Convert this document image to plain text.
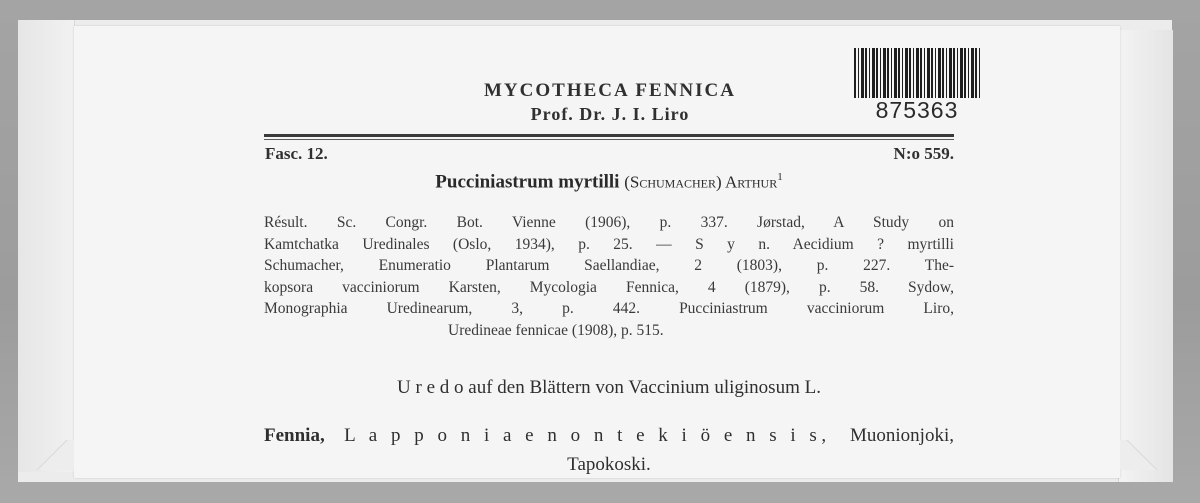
MYCOTHECA FENNICA
Prof. Dr. J. I. Liro	875363
Fasc. 12.	N:o 559.
Pucciniastrum myrtilli (Schumacher) Arthur$^1$
Résult. Sc. Congr. Bot. Vienne (1906), p. 337. Jørstad, A Study on
Kamtchatka Uredinales (Oslo, 1934), p. 25. — S y n. Aecidium ? myrtilli
Schumacher, Enumeratio Plantarum Saellandiae, 2 (1803), p. 227. The-
kopsora vacciniorum Karsten, Mycologia Fennica, 4 (1879), p. 58. Sydow,
Monographia Uredinearum, 3, p. 442. Pucciniastrum vacciniorum Liro,
Uredineae fennicae (1908), p. 515.
U r e d o auf den Blättern von Vaccinium uliginosum L.
Fennia, L a p p o n i a e n o n t e k i ö e n s i s, Muonionjoki,
Tapokoski.
